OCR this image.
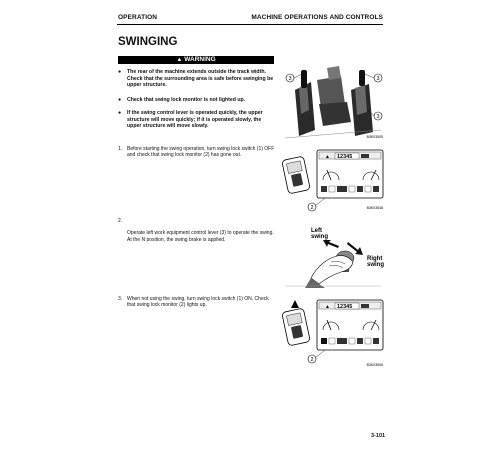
OPERATION	MACHINE OPERATIONS AND CONTROLS
SWINGING
▲ WARNING
●	The rear of the machine extends outside the track width. Check that the surrounding area is safe before swinging be upper structure.
●	Check that swing lock monitor is not lighted up.
●	If the swing control lever is operated quickly, the upper structure will move quickly; if it is operated slowly, the upper structure will move slowly.
1. Before starting the swing operation, turn swing lock switch (1) OFF and check that swing lock monitor (2) has gone out.

2.

Operate left work equipment control lever (3) to operate the swing.
At the N position, the swing brake is applied.

3. When not using the swing, turn swing lock switch (1) ON. Check that swing lock monitor (2) lights up.
3	3
3
B3K03505
▲ 12345
2	B3K03548
Left swing
Right swing
▲ 12345
2
B3K03506
3-101
